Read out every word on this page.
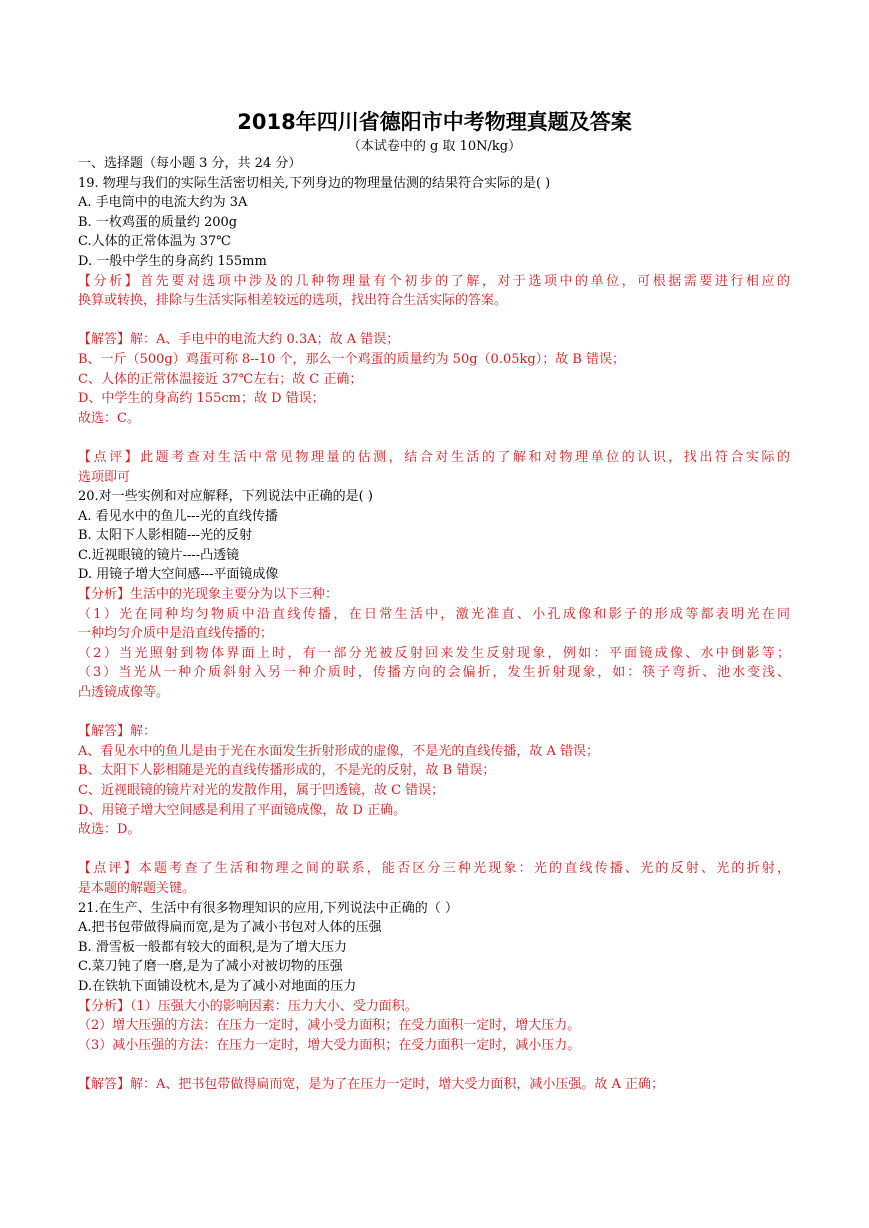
2018年四川省德阳市中考物理真题及答案
（本试卷中的 g 取 10N/kg）
一、选择题（每小题 3 分，共 24 分）
19. 物理与我们的实际生活密切相关,下列身边的物理量估测的结果符合实际的是( )
A. 手电筒中的电流大约为 3A
B. 一枚鸡蛋的质量约 200g
C.人体的正常体温为 37℃
D. 一般中学生的身高约 155mm
【分析】首先要对选项中涉及的几种物理量有个初步的了解，对于选项中的单位，可根据需要进行相应的
换算或转换，排除与生活实际相差较远的选项，找出符合生活实际的答案。
【解答】解：A、手电中的电流大约 0.3A；故 A 错误；
B、一斤（500g）鸡蛋可称 8--10 个，那么一个鸡蛋的质量约为 50g（0.05kg）；故 B 错误；
C、人体的正常体温接近 37℃左右；故 C 正确；
D、中学生的身高约 155cm；故 D 错误；
故选：C。
【点评】此题考查对生活中常见物理量的估测，结合对生活的了解和对物理单位的认识，找出符合实际的
选项即可
20.对一些实例和对应解释，下列说法中正确的是( )
A. 看见水中的鱼儿---光的直线传播
B. 太阳下人影相随---光的反射
C.近视眼镜的镜片----凸透镜
D. 用镜子增大空间感---平面镜成像
【分析】生活中的光现象主要分为以下三种：
（1）光在同种均匀物质中沿直线传播，在日常生活中，激光准直、小孔成像和影子的形成等都表明光在同
一种均匀介质中是沿直线传播的；
（2）当光照射到物体界面上时，有一部分光被反射回来发生反射现象，例如：平面镜成像、水中倒影等；
（3）当光从一种介质斜射入另一种介质时，传播方向的会偏折，发生折射现象，如：筷子弯折、池水变浅、
凸透镜成像等。
【解答】解：
A、看见水中的鱼儿是由于光在水面发生折射形成的虚像，不是光的直线传播，故 A 错误；
B、太阳下人影相随是光的直线传播形成的，不是光的反射，故 B 错误；
C、近视眼镜的镜片对光的发散作用，属于凹透镜，故 C 错误；
D、用镜子增大空间感是利用了平面镜成像，故 D 正确。
故选：D。
【点评】本题考查了生活和物理之间的联系，能否区分三种光现象：光的直线传播、光的反射、光的折射，
是本题的解题关键。
21.在生产、生活中有很多物理知识的应用,下列说法中正确的（ ）
A.把书包带做得扁而宽,是为了减小书包对人体的压强
B. 滑雪板一般都有较大的面积,是为了增大压力
C.菜刀钝了磨一磨,是为了减小对被切物的压强
D.在铁轨下面铺设枕木,是为了减小对地面的压力
【分析】（1）压强大小的影响因素：压力大小、受力面积。
（2）增大压强的方法：在压力一定时，减小受力面积；在受力面积一定时，增大压力。
（3）减小压强的方法：在压力一定时，增大受力面积；在受力面积一定时，减小压力。
【解答】解：A、把书包带做得扁而宽，是为了在压力一定时，增大受力面积，减小压强。故 A 正确；
